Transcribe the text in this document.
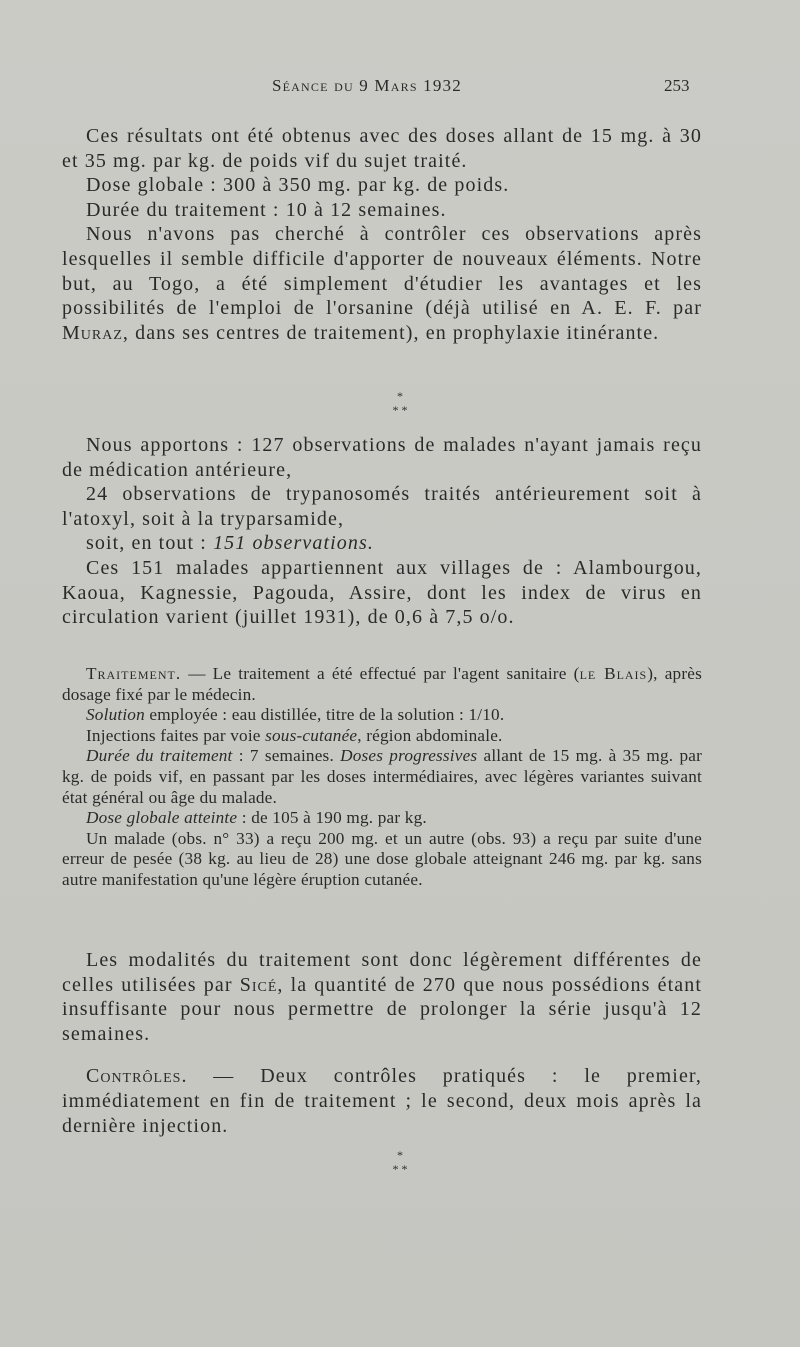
Séance du 9 Mars 1932	253

Ces résultats ont été obtenus avec des doses allant de 15 mg. à 30 et 35 mg. par kg. de poids vif du sujet traité.

Dose globale : 300 à 350 mg. par kg. de poids.

Durée du traitement : 10 à 12 semaines.

Nous n'avons pas cherché à contrôler ces observations après lesquelles il semble difficile d'apporter de nouveaux éléments. Notre but, au Togo, a été simplement d'étudier les avantages et les possibilités de l'emploi de l'orsanine (déjà utilisé en A. E. F. par Muraz, dans ses centres de traitement), en prophylaxie itinérante.

*
* *

Nous apportons : 127 observations de malades n'ayant jamais reçu de médication antérieure,

24 observations de trypanosomés traités antérieurement soit à l'atoxyl, soit à la tryparsamide,

soit, en tout : 151 observations.

Ces 151 malades appartiennent aux villages de : Alambourgou, Kaoua, Kagnessie, Pagouda, Assire, dont les index de virus en circulation varient (juillet 1931), de 0,6 à 7,5 o/o.

Traitement. — Le traitement a été effectué par l'agent sanitaire (le Blais), après dosage fixé par le médecin.

Solution employée : eau distillée, titre de la solution : 1/10.

Injections faites par voie sous-cutanée, région abdominale.

Durée du traitement : 7 semaines. Doses progressives allant de 15 mg. à 35 mg. par kg. de poids vif, en passant par les doses intermédiaires, avec légères variantes suivant état général ou âge du malade.

Dose globale atteinte : de 105 à 190 mg. par kg.

Un malade (obs. n° 33) a reçu 200 mg. et un autre (obs. 93) a reçu par suite d'une erreur de pesée (38 kg. au lieu de 28) une dose globale atteignant 246 mg. par kg. sans autre manifestation qu'une légère éruption cutanée.

Les modalités du traitement sont donc légèrement différentes de celles utilisées par Sicé, la quantité de 270 que nous possédions étant insuffisante pour nous permettre de prolonger la série jusqu'à 12 semaines.

Contrôles. — Deux contrôles pratiqués : le premier, immédiatement en fin de traitement ; le second, deux mois après la dernière injection.

*
* *
